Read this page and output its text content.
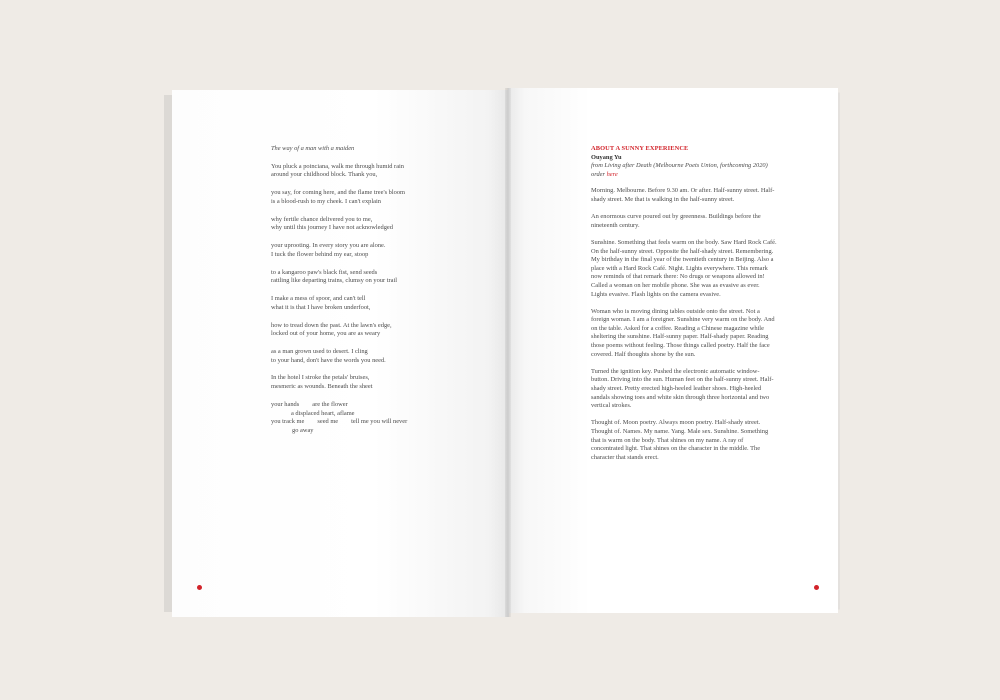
The way of a man with a maiden
You pluck a poinciana, walk me through humid rain
around your childhood block. Thank you,
you say, for coming here, and the flame tree's bloom
is a blood-rush to my cheek. I can't explain
why fertile chance delivered you to me,
why until this journey I have not acknowledged
your uprooting. In every story you are alone.
I tuck the flower behind my ear, stoop
to a kangaroo paw's black fist, send seeds
rattling like departing trains, clumsy on your trail
I make a mess of spoor, and can't tell
what it is that I have broken underfoot,
how to tread down the past. At the lawn's edge,
locked out of your home, you are as weary
as a man grown used to desert. I cling
to your hand, don't have the words you need.
In the hotel I stroke the petals' bruises,
mesmeric as wounds. Beneath the sheet
your hands are the flower
a displaced heart, aflame
you track me seed me tell me you will never
go away
ABOUT A SUNNY EXPERIENCE
Ouyang Yu
from Living after Death (Melbourne Poets Union, forthcoming 2020) order here
Morning. Melbourne. Before 9.30 am. Or after. Half-sunny street. Half-shady street. Me that is walking in the half-sunny street.
An enormous curve poured out by greenness. Buildings before the nineteenth century.
Sunshine. Something that feels warm on the body. Saw Hard Rock Café. On the half-sunny street. Opposite the half-shady street. Remembering. My birthday in the final year of the twentieth century in Beijing. Also a place with a Hard Rock Café. Night. Lights everywhere. This remark now reminds of that remark there: No drugs or weapons allowed in! Called a woman on her mobile phone. She was as evasive as ever. Lights evasive. Flash lights on the camera evasive.
Woman who is moving dining tables outside onto the street. Not a foreign woman. I am a foreigner. Sunshine very warm on the body. And on the table. Asked for a coffee. Reading a Chinese magazine while sheltering the sunshine. Half-sunny paper. Half-shady paper. Reading those poems without feeling. Those things called poetry. Half the face covered. Half thoughts shone by the sun.
Turned the ignition key. Pushed the electronic automatic window-button. Driving into the sun. Human feet on the half-sunny street. Half-shady street. Pretty erected high-heeled leather shoes. High-heeled sandals showing toes and white skin through three horizontal and two vertical strokes.
Thought of. Moon poetry. Always moon poetry. Half-shady street. Thought of. Names. My name. Yang. Male sex. Sunshine. Something that is warm on the body. That shines on my name. A ray of concentrated light. That shines on the character in the middle. The character that stands erect.
